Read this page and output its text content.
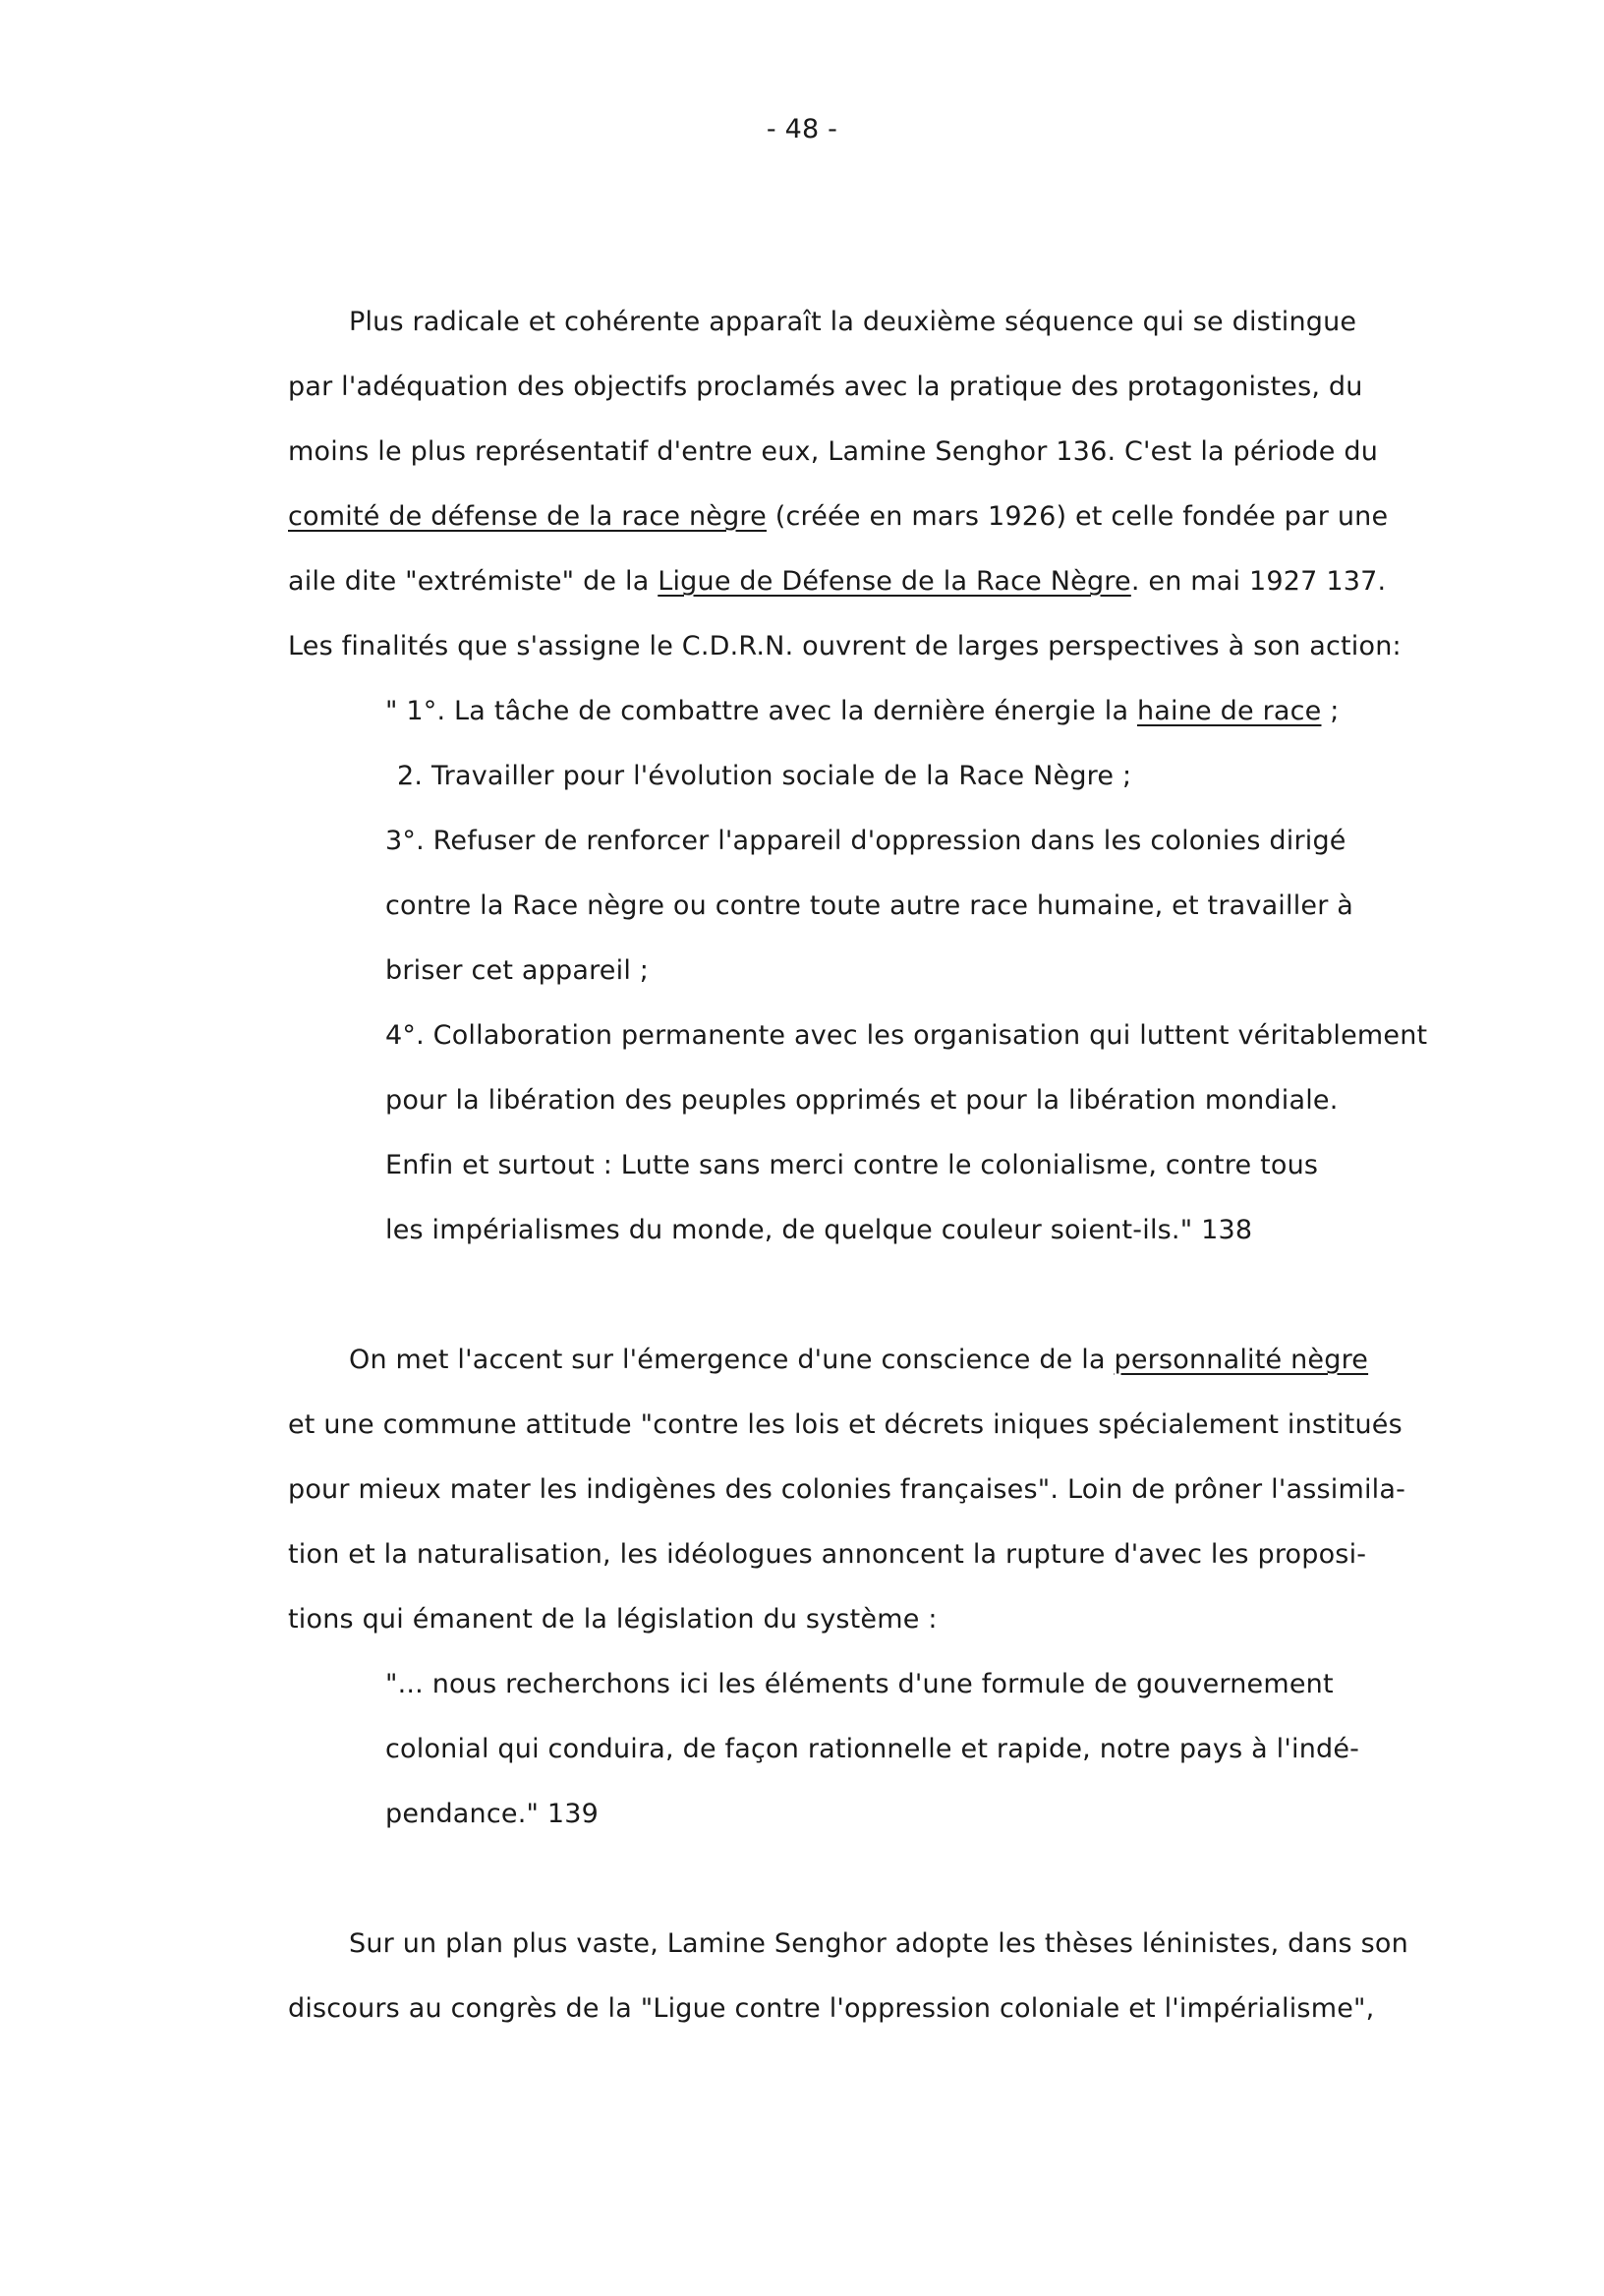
- 48 -
Plus radicale et cohérente apparaît la deuxième séquence qui se distingue
par l'adéquation des objectifs proclamés avec la pratique des protagonistes, du
moins le plus représentatif d'entre eux, Lamine Senghor 136. C'est la période du
comité de défense de la race nègre (créée en mars 1926) et celle fondée par une
aile dite "extrémiste" de la Ligue de Défense de la Race Nègre. en mai 1927 137.
Les finalités que s'assigne le C.D.R.N. ouvrent de larges perspectives à son action:
" 1°. La tâche de combattre avec la dernière énergie la haine de race ;
2. Travailler pour l'évolution sociale de la Race Nègre ;
3°. Refuser de renforcer l'appareil d'oppression dans les colonies dirigé
contre la Race nègre ou contre toute autre race humaine, et travailler à
briser cet appareil ;
4°. Collaboration permanente avec les organisation qui luttent véritablement
pour la libération des peuples opprimés et pour la libération mondiale.
Enfin et surtout : Lutte sans merci contre le colonialisme, contre tous
les impérialismes du monde, de quelque couleur soient-ils." 138
On met l'accent sur l'émergence d'une conscience de la personnalité nègre
et une commune attitude "contre les lois et décrets iniques spécialement institués
pour mieux mater les indigènes des colonies françaises". Loin de prôner l'assimila-
tion et la naturalisation, les idéologues annoncent la rupture d'avec les proposi-
tions qui émanent de la législation du système :
"... nous recherchons ici les éléments d'une formule de gouvernement
colonial qui conduira, de façon rationnelle et rapide, notre pays à l'indé-
pendance." 139
Sur un plan plus vaste, Lamine Senghor adopte les thèses léninistes, dans son
discours au congrès de la "Ligue contre l'oppression coloniale et l'impérialisme",
